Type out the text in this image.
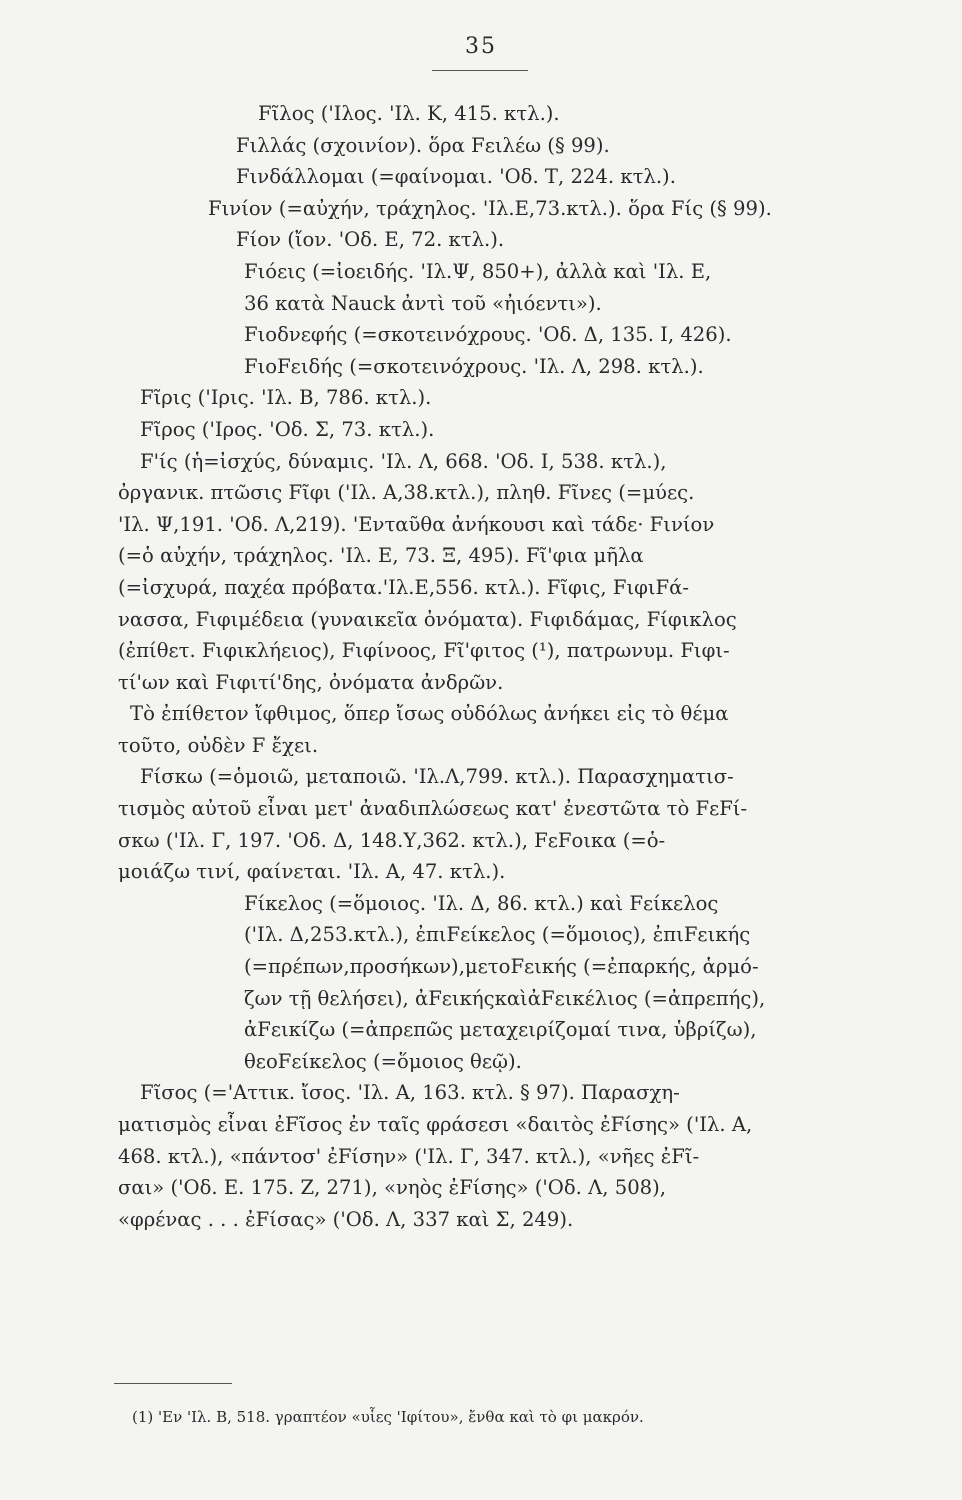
35

Fῖλος ('Ιλος. 'Ιλ. Κ, 415. κτλ.).

Fιλλάς (σχοινίον). ὅρα Fειλέω (§ 99).

Fινδάλλομαι (=φαίνομαι. 'Οδ. Τ, 224. κτλ.).

Fινίον (=αὐχήν, τράχηλος. 'Ιλ.Ε,73.κτλ.). ὅρα Fίς (§ 99).

Fίον (ἴον. 'Οδ. Ε, 72. κτλ.).

Fιόεις (=ἰοειδής. 'Ιλ.Ψ, 850+), ἀλλὰ καὶ 'Ιλ. Ε,

36 κατὰ Nauck ἀντὶ τοῦ «ἠιόεντι»).

Fιοδνεφής (=σκοτεινόχρους. 'Οδ. Δ, 135. Ι, 426).

FιοFειδής (=σκοτεινόχρους. 'Ιλ. Λ, 298. κτλ.).

Fῖρις ('Ιρις. 'Ιλ. Β, 786. κτλ.).

Fῖρος ('Ιρος. 'Οδ. Σ, 73. κτλ.).

F'ίς (ἡ=ἰσχύς, δύναμις. 'Ιλ. Λ, 668. 'Οδ. Ι, 538. κτλ.),

ὀργανικ. πτῶσις Fῖφι ('Ιλ. Α,38.κτλ.), πληθ. Fῖνες (=μύες.

'Ιλ. Ψ,191. 'Οδ. Λ,219). 'Ενταῦθα ἀνήκουσι καὶ τάδε· Fινίον

(=ὁ αὐχήν, τράχηλος. 'Ιλ. Ε, 73. Ξ, 495). Fῖ'φια μῆλα

(=ἰσχυρά, παχέα πρόβατα.'Ιλ.Ε,556. κτλ.). Fῖφις, FιφιFά-

νασσα, Fιφιμέδεια (γυναικεῖα ὀνόματα). Fιφιδάμας, Fίφικλος

(ἐπίθετ. Fιφικλήειος), Fιφίνοος, Fῖ'φιτος (¹), πατρωνυμ. Fιφι-

τί'ων καὶ Fιφιτί'δης, ὀνόματα ἀνδρῶν.

Τὸ ἐπίθετον ἴφθιμος, ὅπερ ἴσως οὐδόλως ἀνήκει εἰς τὸ θέμα

τοῦτο, οὐδὲν F ἔχει.

Fίσκω (=ὁμοιῶ, μεταποιῶ. 'Ιλ.Λ,799. κτλ.). Παρασχηματισ-

τισμὸς αὐτοῦ εἶναι μετ' ἀναδιπλώσεως κατ' ἐνεστῶτα τὸ FεFί-

σκω ('Ιλ. Γ, 197. 'Οδ. Δ, 148.Υ,362. κτλ.), FεFοικα (=ὁ-

μοιάζω τινί, φαίνεται. 'Ιλ. Α, 47. κτλ.).

Fίκελος (=ὅμοιος. 'Ιλ. Δ, 86. κτλ.) καὶ Fείκελος

('Ιλ. Δ,253.κτλ.), ἐπιFείκελος (=ὅμοιος), ἐπιFεικής

(=πρέπων,προσήκων),μετοFεικής (=ἐπαρκής, ἁρμό-

ζων τῇ θελήσει), ἀFεικήςκαὶἀFεικέλιος (=ἀπρεπής),

ἀFεικίζω (=ἀπρεπῶς μεταχειρίζομαί τινα, ὑβρίζω),

θεοFείκελος (=ὅμοιος θεῷ).

Fῖσος (='Αττικ. ἴσος. 'Ιλ. Α, 163. κτλ. § 97). Παρασχη-

ματισμὸς εἶναι ἐFῖσος ἐν ταῖς φράσεσι «δαιτὸς ἐFίσης» ('Ιλ. Α,

468. κτλ.), «πάντοσ' ἐFίσην» ('Ιλ. Γ, 347. κτλ.), «νῆες ἐFῖ-

σαι» ('Οδ. Ε. 175. Ζ, 271), «νηὸς ἐFίσης» ('Οδ. Λ, 508),

«φρένας . . . ἐFίσας» ('Οδ. Λ, 337 καὶ Σ, 249).

(1) 'Εν 'Ιλ. Β, 518. γραπτέον «υἷες 'Ιφίτου», ἔνθα καὶ τὸ φι μακρόν.
